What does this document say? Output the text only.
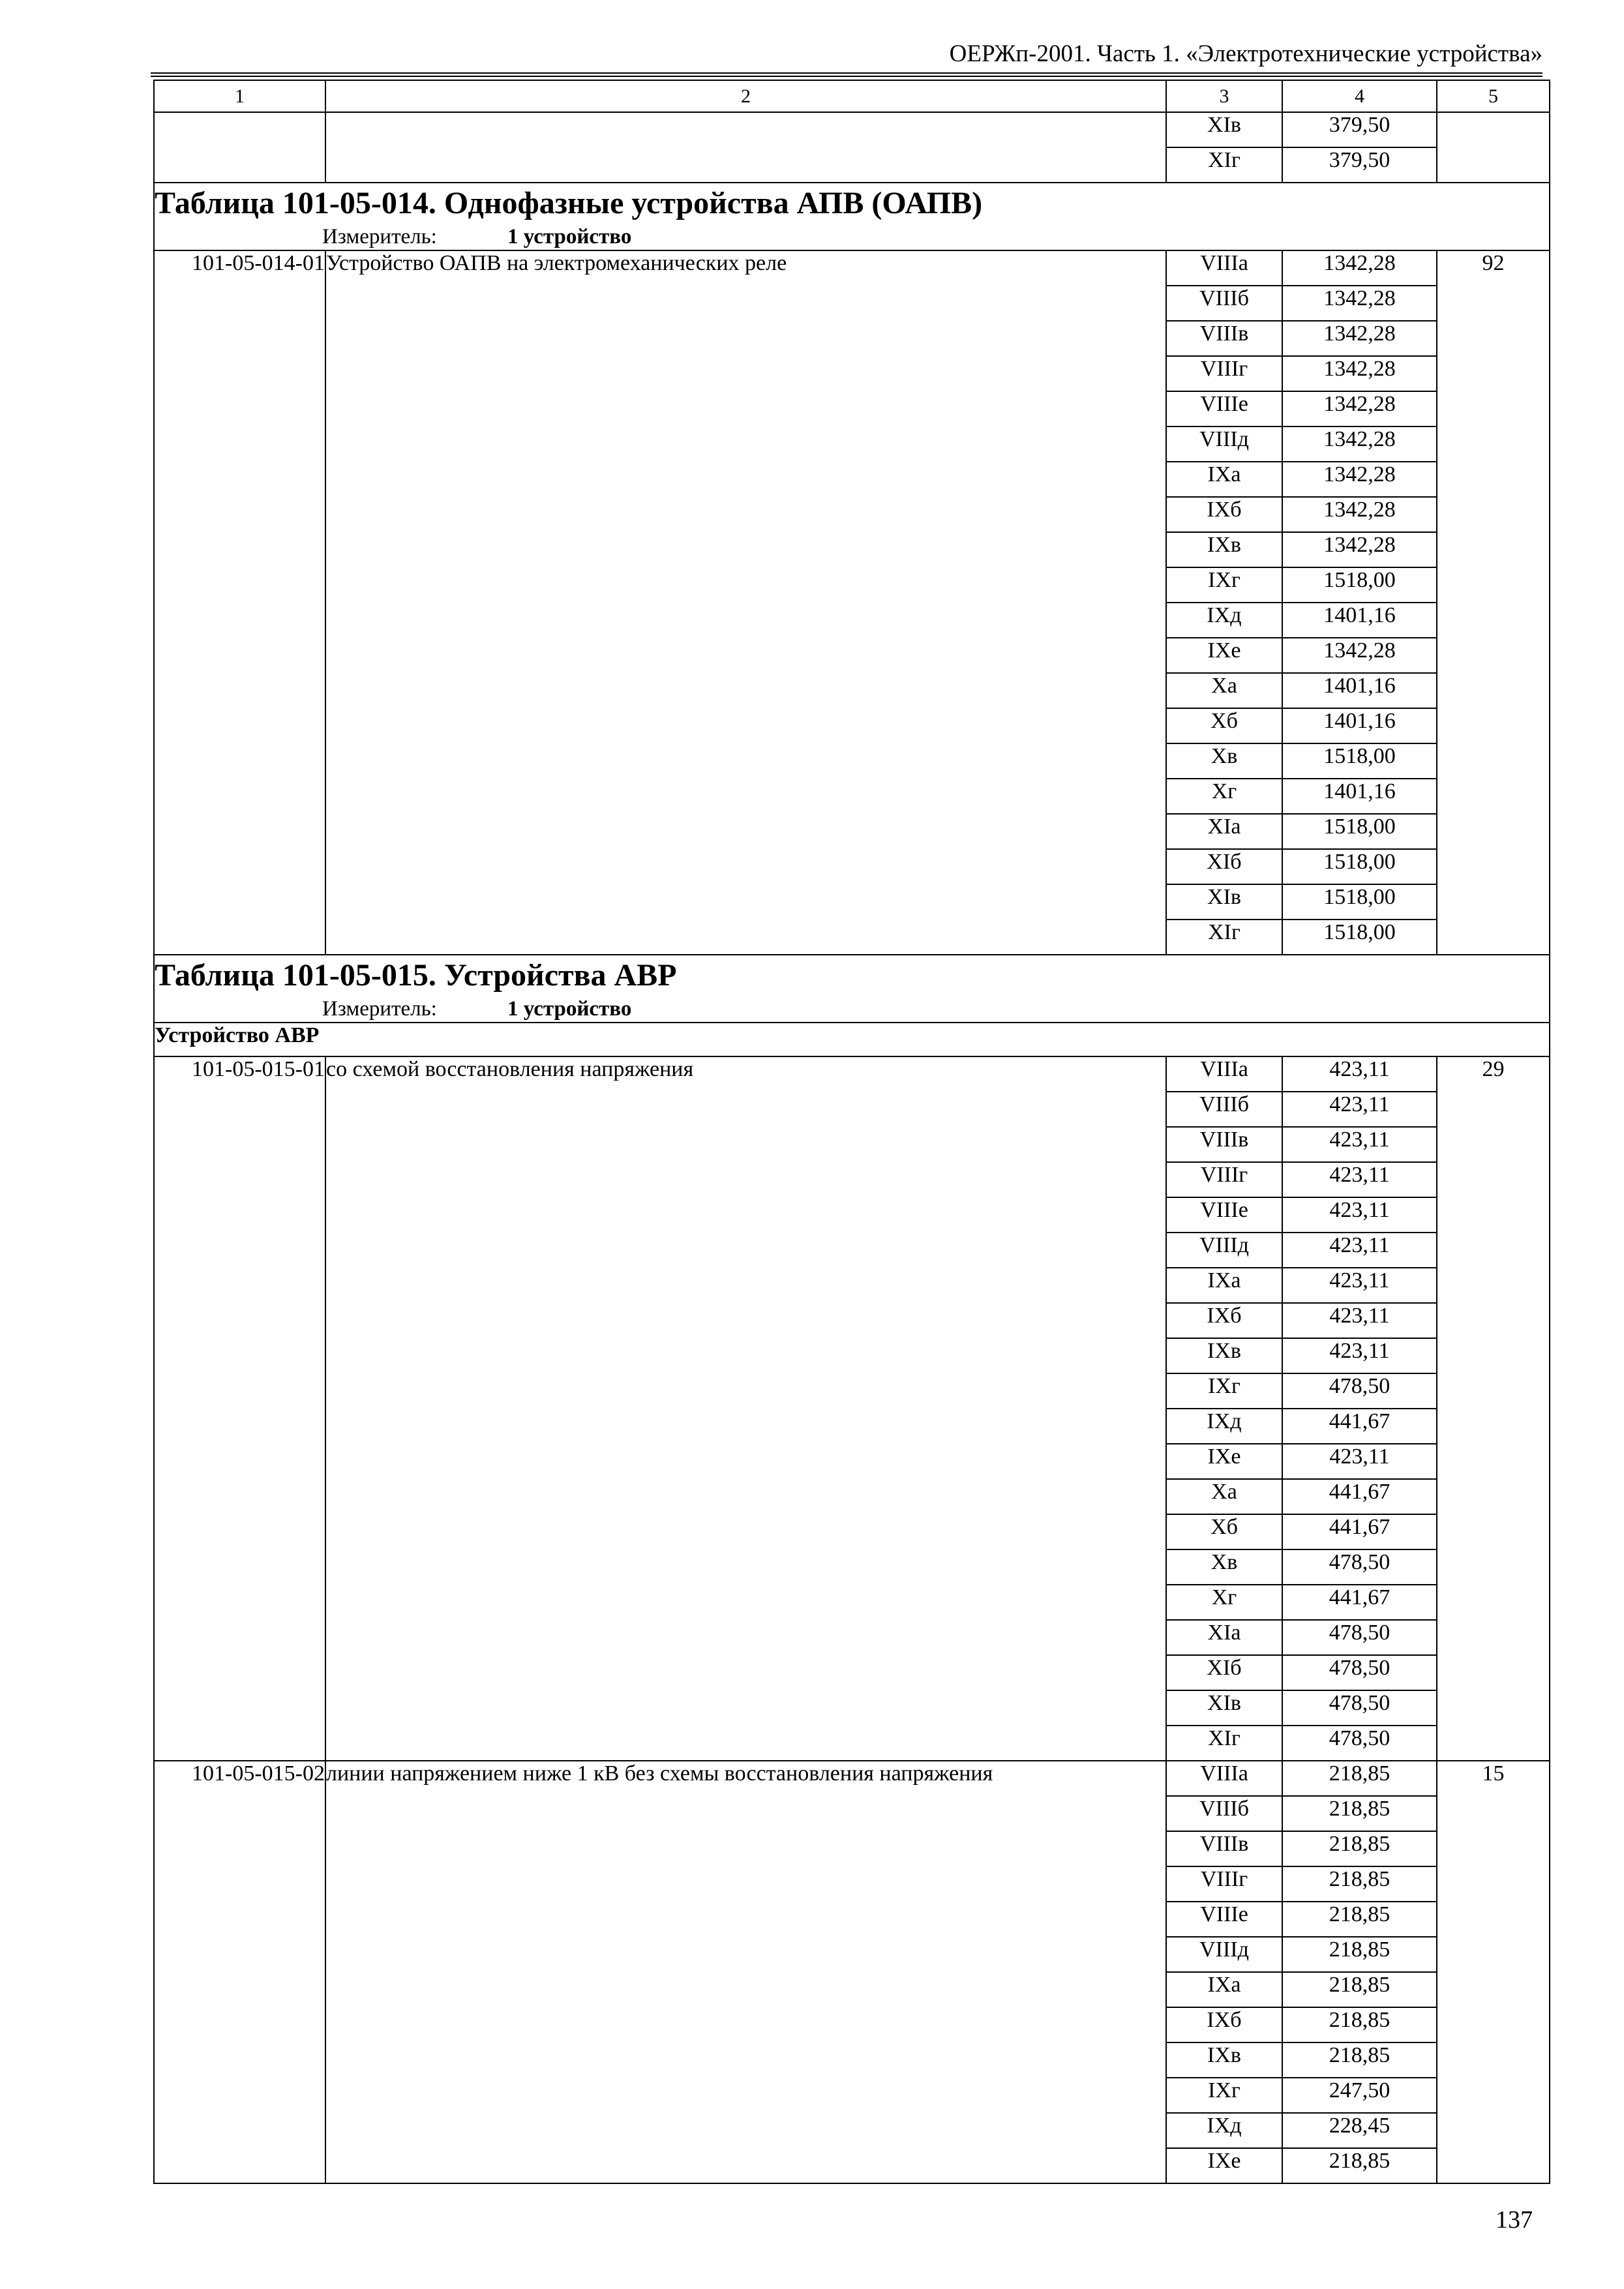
ОЕРЖп-2001. Часть 1. «Электротехнические устройства»
1	2	3	4	5
		XIв	379,50	
		XIг	379,50	

Таблица 101-05-014. Однофазные устройства АПВ (ОАПВ)
Измеритель: 1 устройство				

101-05-014-01	Устройство ОАПВ на электромеханических реле	VIIIа	1342,28	92
		VIIIб	1342,28	
		VIIIв	1342,28	
		VIIIг	1342,28	
		VIIIе	1342,28	
		VIIIд	1342,28	
		IXа	1342,28	
		IXб	1342,28	
		IXв	1342,28	
		IXг	1518,00	
		IXд	1401,16	
		IXе	1342,28	
		Xа	1401,16	
		Xб	1401,16	
		Xв	1518,00	
		Xг	1401,16	
		XIа	1518,00	
		XIб	1518,00	
		XIв	1518,00	
		XIг	1518,00	

Таблица 101-05-015. Устройства АВР
Измеритель: 1 устройство				

Устройство АВР				
101-05-015-01	со схемой восстановления напряжения	VIIIа	423,11	29
		VIIIб	423,11	
		VIIIв	423,11	
		VIIIг	423,11	
		VIIIе	423,11	
		VIIIд	423,11	
		IXа	423,11	
		IXб	423,11	
		IXв	423,11	
		IXг	478,50	
		IXд	441,67	
		IXе	423,11	
		Xа	441,67	
		Xб	441,67	
		Xв	478,50	
		Xг	441,67	
		XIа	478,50	
		XIб	478,50	
		XIв	478,50	
		XIг	478,50	
101-05-015-02	линии напряжением ниже 1 кВ без схемы восстановления напряжения	VIIIа	218,85	15
		VIIIб	218,85	
		VIIIв	218,85	
		VIIIг	218,85	
		VIIIе	218,85	
		VIIIд	218,85	
		IXа	218,85	
		IXб	218,85	
		IXв	218,85	
		IXг	247,50	
		IXд	228,45	
		IXе	218,85	
137
